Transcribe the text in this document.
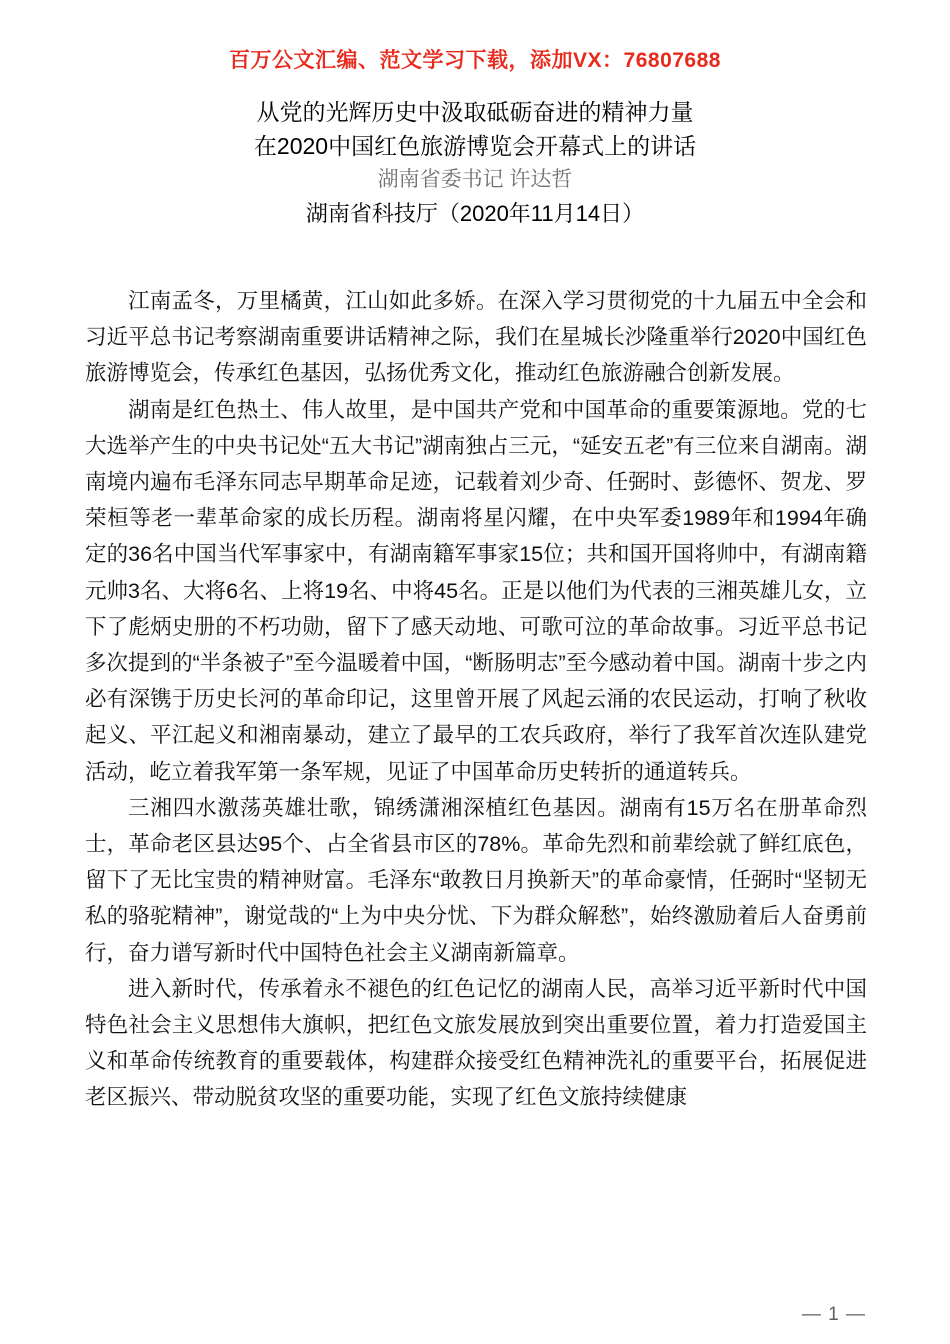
百万公文汇编、范文学习下载，添加VX：76807688
从党的光辉历史中汲取砥砺奋进的精神力量
在2020中国红色旅游博览会开幕式上的讲话
湖南省委书记 许达哲
湖南省科技厅（2020年11月14日）

江南孟冬，万里橘黄，江山如此多娇。在深入学习贯彻党的十九届五中全会和习近平总书记考察湖南重要讲话精神之际，我们在星城长沙隆重举行2020中国红色旅游博览会，传承红色基因，弘扬优秀文化，推动红色旅游融合创新发展。

湖南是红色热土、伟人故里，是中国共产党和中国革命的重要策源地。党的七大选举产生的中央书记处“五大书记”湖南独占三元，“延安五老”有三位来自湖南。湖南境内遍布毛泽东同志早期革命足迹，记载着刘少奇、任弼时、彭德怀、贺龙、罗荣桓等老一辈革命家的成长历程。湖南将星闪耀，在中央军委1989年和1994年确定的36名中国当代军事家中，有湖南籍军事家15位；共和国开国将帅中，有湖南籍元帅3名、大将6名、上将19名、中将45名。正是以他们为代表的三湘英雄儿女，立下了彪炳史册的不朽功勋，留下了感天动地、可歌可泣的革命故事。习近平总书记多次提到的“半条被子”至今温暖着中国，“断肠明志”至今感动着中国。湖南十步之内必有深镌于历史长河的革命印记，这里曾开展了风起云涌的农民运动，打响了秋收起义、平江起义和湘南暴动，建立了最早的工农兵政府，举行了我军首次连队建党活动，屹立着我军第一条军规，见证了中国革命历史转折的通道转兵。

三湘四水激荡英雄壮歌，锦绣潇湘深植红色基因。湖南有15万名在册革命烈士，革命老区县达95个、占全省县市区的78%。革命先烈和前辈绘就了鲜红底色，留下了无比宝贵的精神财富。毛泽东“敢教日月换新天”的革命豪情，任弼时“坚韧无私的骆驼精神”，谢觉哉的“上为中央分忧、下为群众解愁”，始终激励着后人奋勇前行，奋力谱写新时代中国特色社会主义湖南新篇章。

进入新时代，传承着永不褪色的红色记忆的湖南人民，高举习近平新时代中国特色社会主义思想伟大旗帜，把红色文旅发展放到突出重要位置，着力打造爱国主义和革命传统教育的重要载体，构建群众接受红色精神洗礼的重要平台，拓展促进老区振兴、带动脱贫攻坚的重要功能，实现了红色文旅持续健康

— 1 —
